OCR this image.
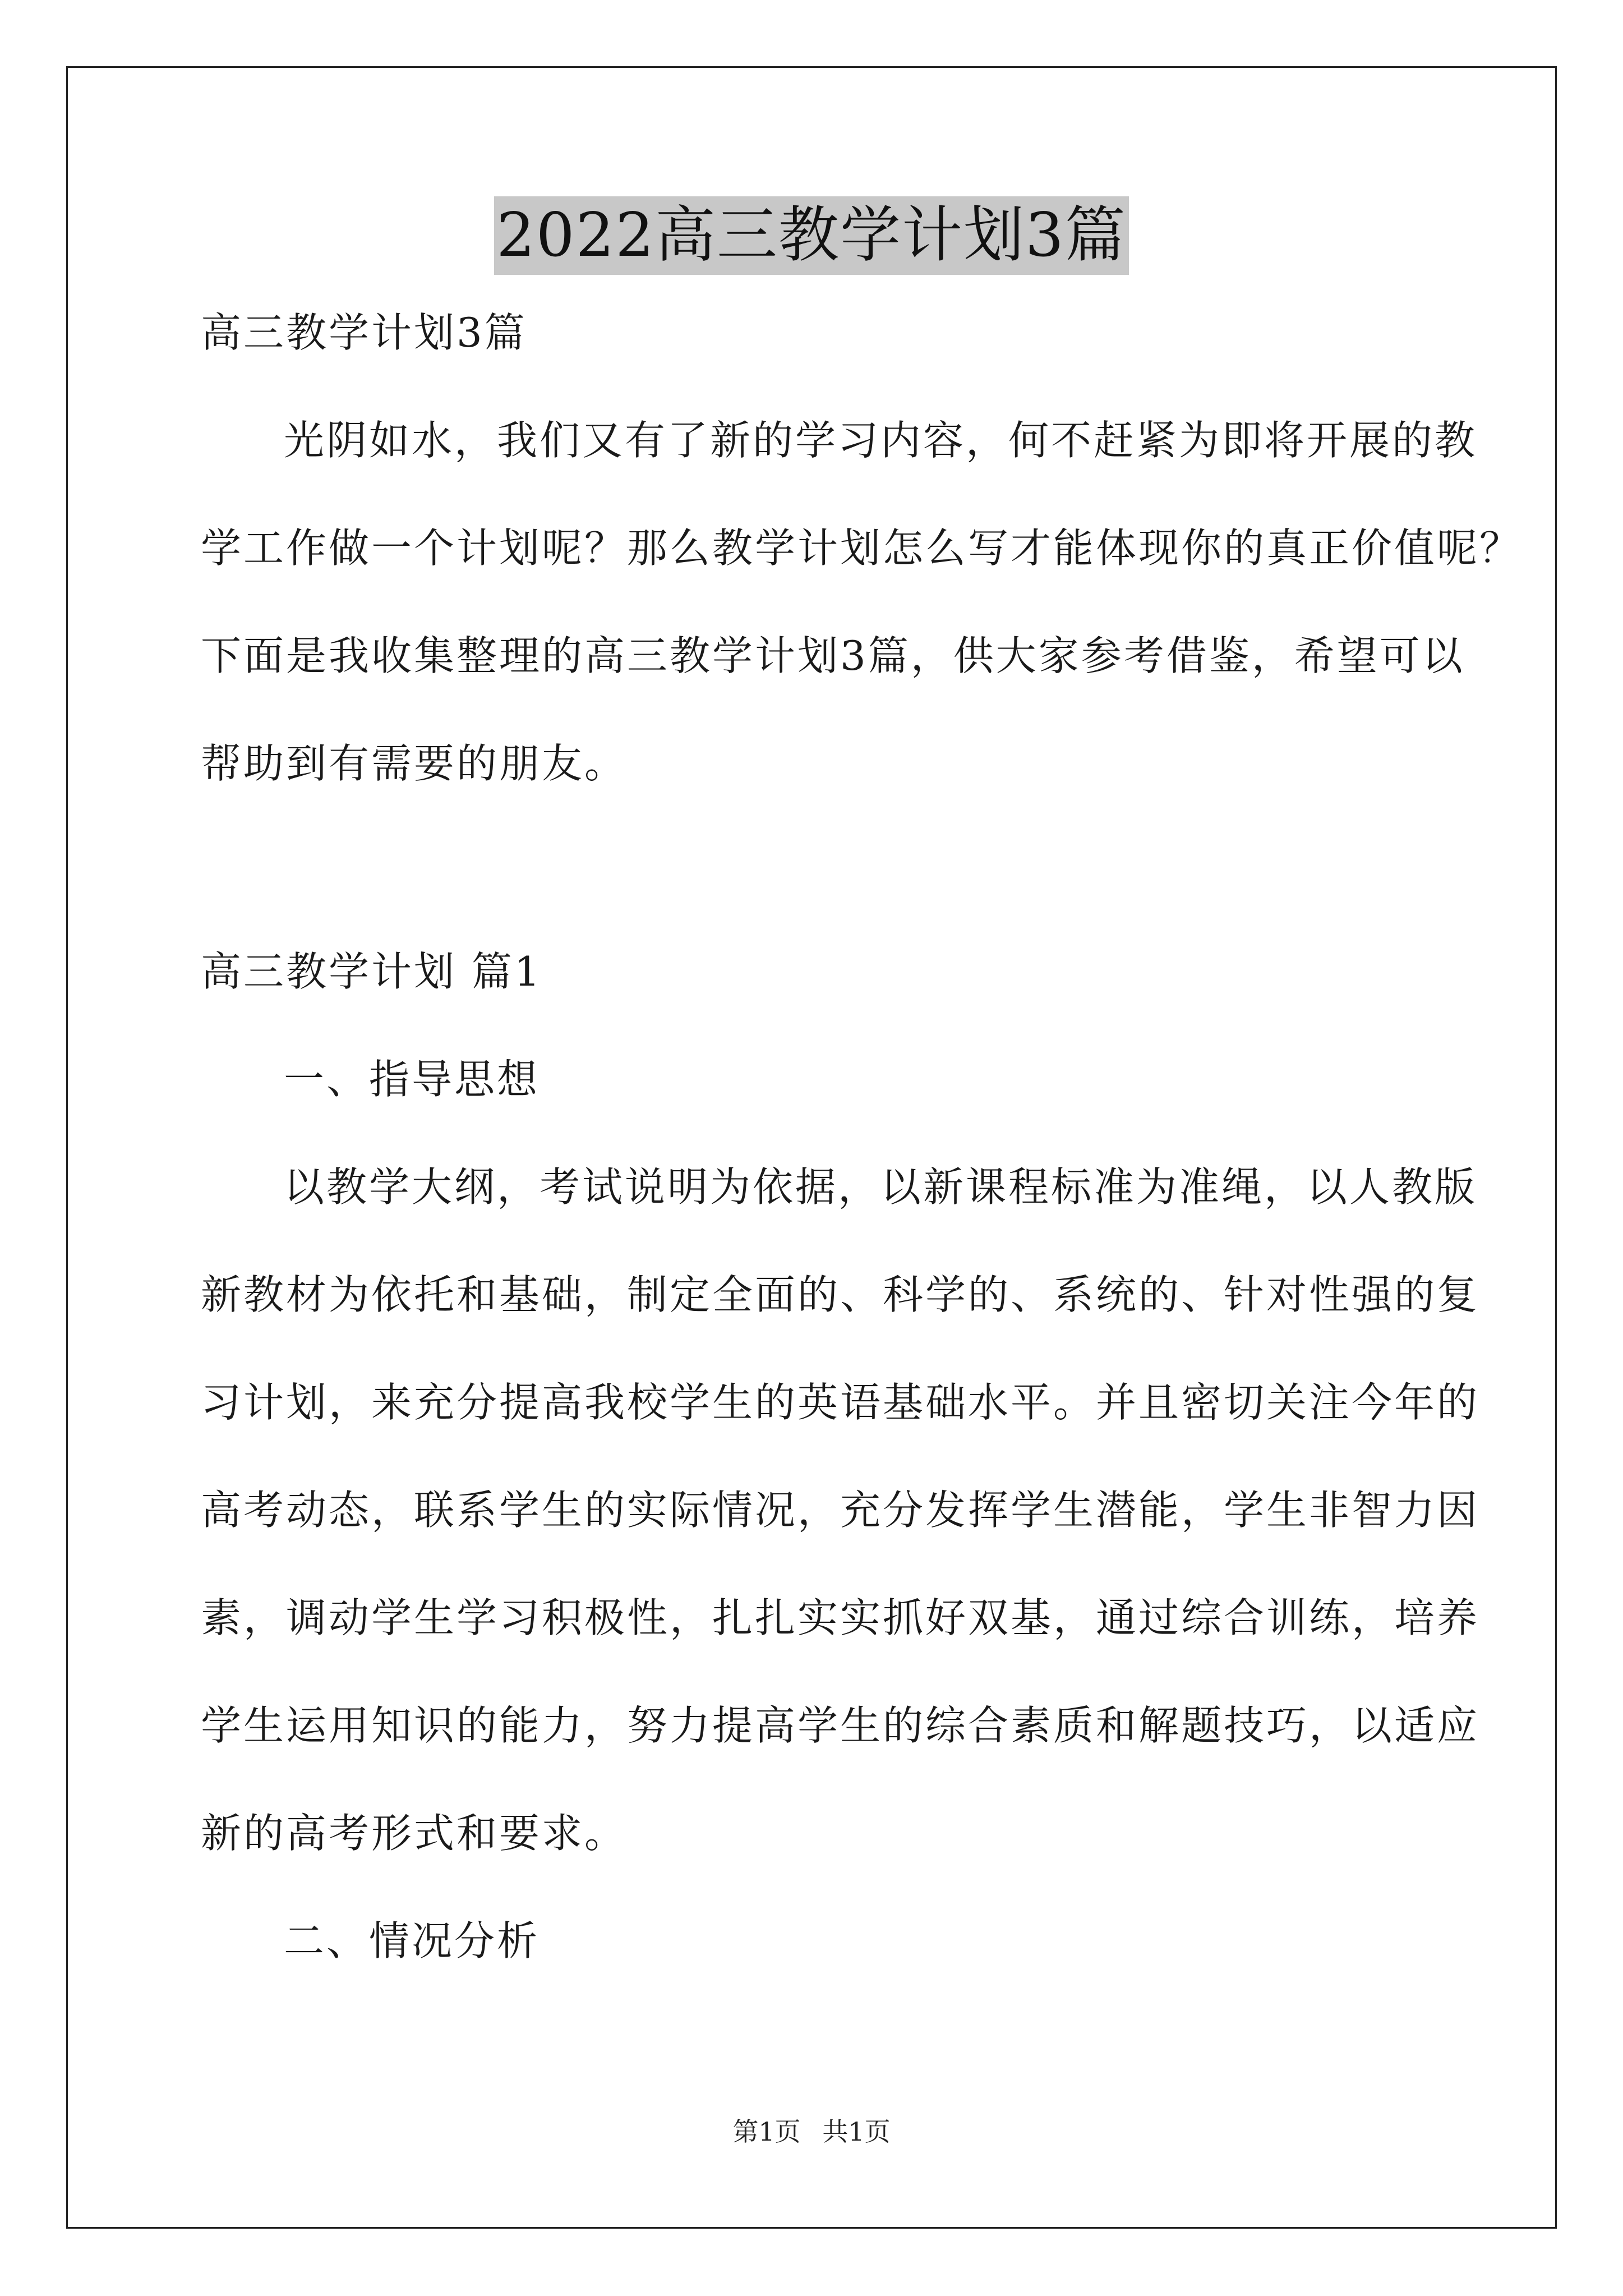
2022高三教学计划3篇

高三教学计划3篇

光阴如水，我们又有了新的学习内容，何不赶紧为即将开展的教

学工作做一个计划呢？那么教学计划怎么写才能体现你的真正价值呢？

下面是我收集整理的高三教学计划3篇，供大家参考借鉴，希望可以

帮助到有需要的朋友。

高三教学计划 篇1

一、指导思想

以教学大纲，考试说明为依据，以新课程标准为准绳，以人教版

新教材为依托和基础，制定全面的、科学的、系统的、针对性强的复

习计划，来充分提高我校学生的英语基础水平。并且密切关注今年的

高考动态，联系学生的实际情况，充分发挥学生潜能，学生非智力因

素，调动学生学习积极性，扎扎实实抓好双基，通过综合训练，培养

学生运用知识的能力，努力提高学生的综合素质和解题技巧，以适应

新的高考形式和要求。

二、情况分析

第1页 共1页
